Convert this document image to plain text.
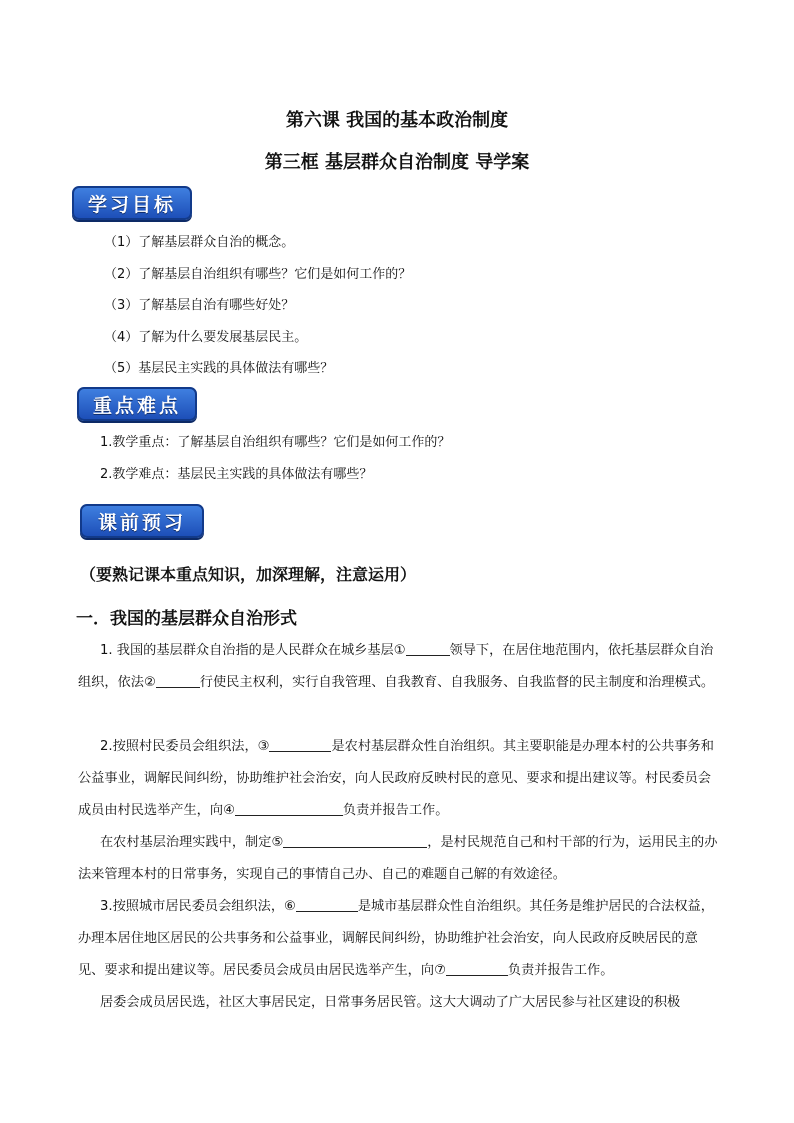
第六课 我国的基本政治制度
第三框 基层群众自治制度 导学案
学习目标
（1）了解基层群众自治的概念。
（2）了解基层自治组织有哪些？它们是如何工作的？
（3）了解基层自治有哪些好处？
（4）了解为什么要发展基层民主。
（5）基层民主实践的具体做法有哪些？
重点难点
1.教学重点：了解基层自治组织有哪些？它们是如何工作的？
2.教学难点：基层民主实践的具体做法有哪些？
课前预习
（要熟记课本重点知识，加深理解，注意运用）
一．我国的基层群众自治形式

1. 我国的基层群众自治指的是人民群众在城乡基层①	领导下，在居住地范围内，依托基层群众自治组织，依法②	行使民主权利，实行自我管理、自我教育、自我服务、自我监督的民主制度和治理模式。

2.按照村民委员会组织法，③	是农村基层群众性自治组织。其主要职能是办理本村的公共事务和公益事业，调解民间纠纷，协助维护社会治安，向人民政府反映村民的意见、要求和提出建议等。村民委员会成员由村民选举产生，向④	负责并报告工作。

在农村基层治理实践中，制定⑤	，是村民规范自己和村干部的行为，运用民主的办法来管理本村的日常事务，实现自己的事情自己办、自己的难题自己解的有效途径。

3.按照城市居民委员会组织法，⑥	是城市基层群众性自治组织。其任务是维护居民的合法权益，办理本居住地区居民的公共事务和公益事业，调解民间纠纷，协助维护社会治安，向人民政府反映居民的意见、要求和提出建议等。居民委员会成员由居民选举产生，向⑦	负责并报告工作。

居委会成员居民选，社区大事居民定，日常事务居民管。这大大调动了广大居民参与社区建设的积极
